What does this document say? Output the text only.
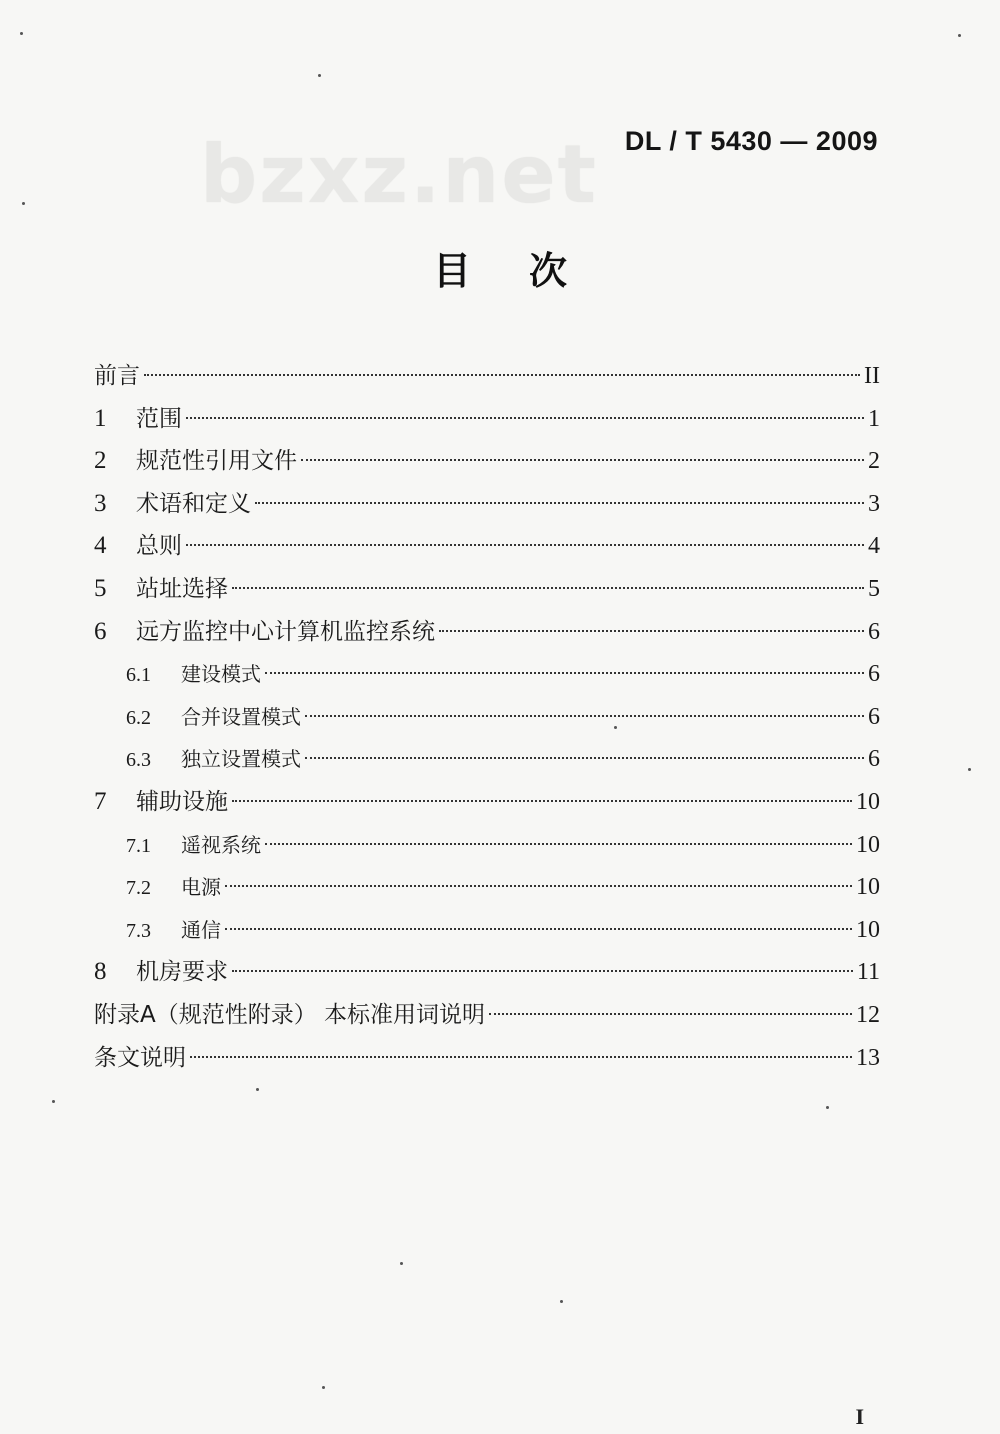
bzxz.net DL / T 5430 — 2009
目次
前言	II
1	范围	1
2	规范性引用文件	2
3	术语和定义	3
4	总则	4
5	站址选择	5
6	远方监控中心计算机监控系统	6
6.1	建设模式	6
6.2	合并设置模式	6
6.3	独立设置模式	6
7	辅助设施	10
7.1	遥视系统	10
7.2	电源	10
7.3	通信	10
8	机房要求	11
附录A（规范性附录） 本标准用词说明	12
条文说明	13
I
